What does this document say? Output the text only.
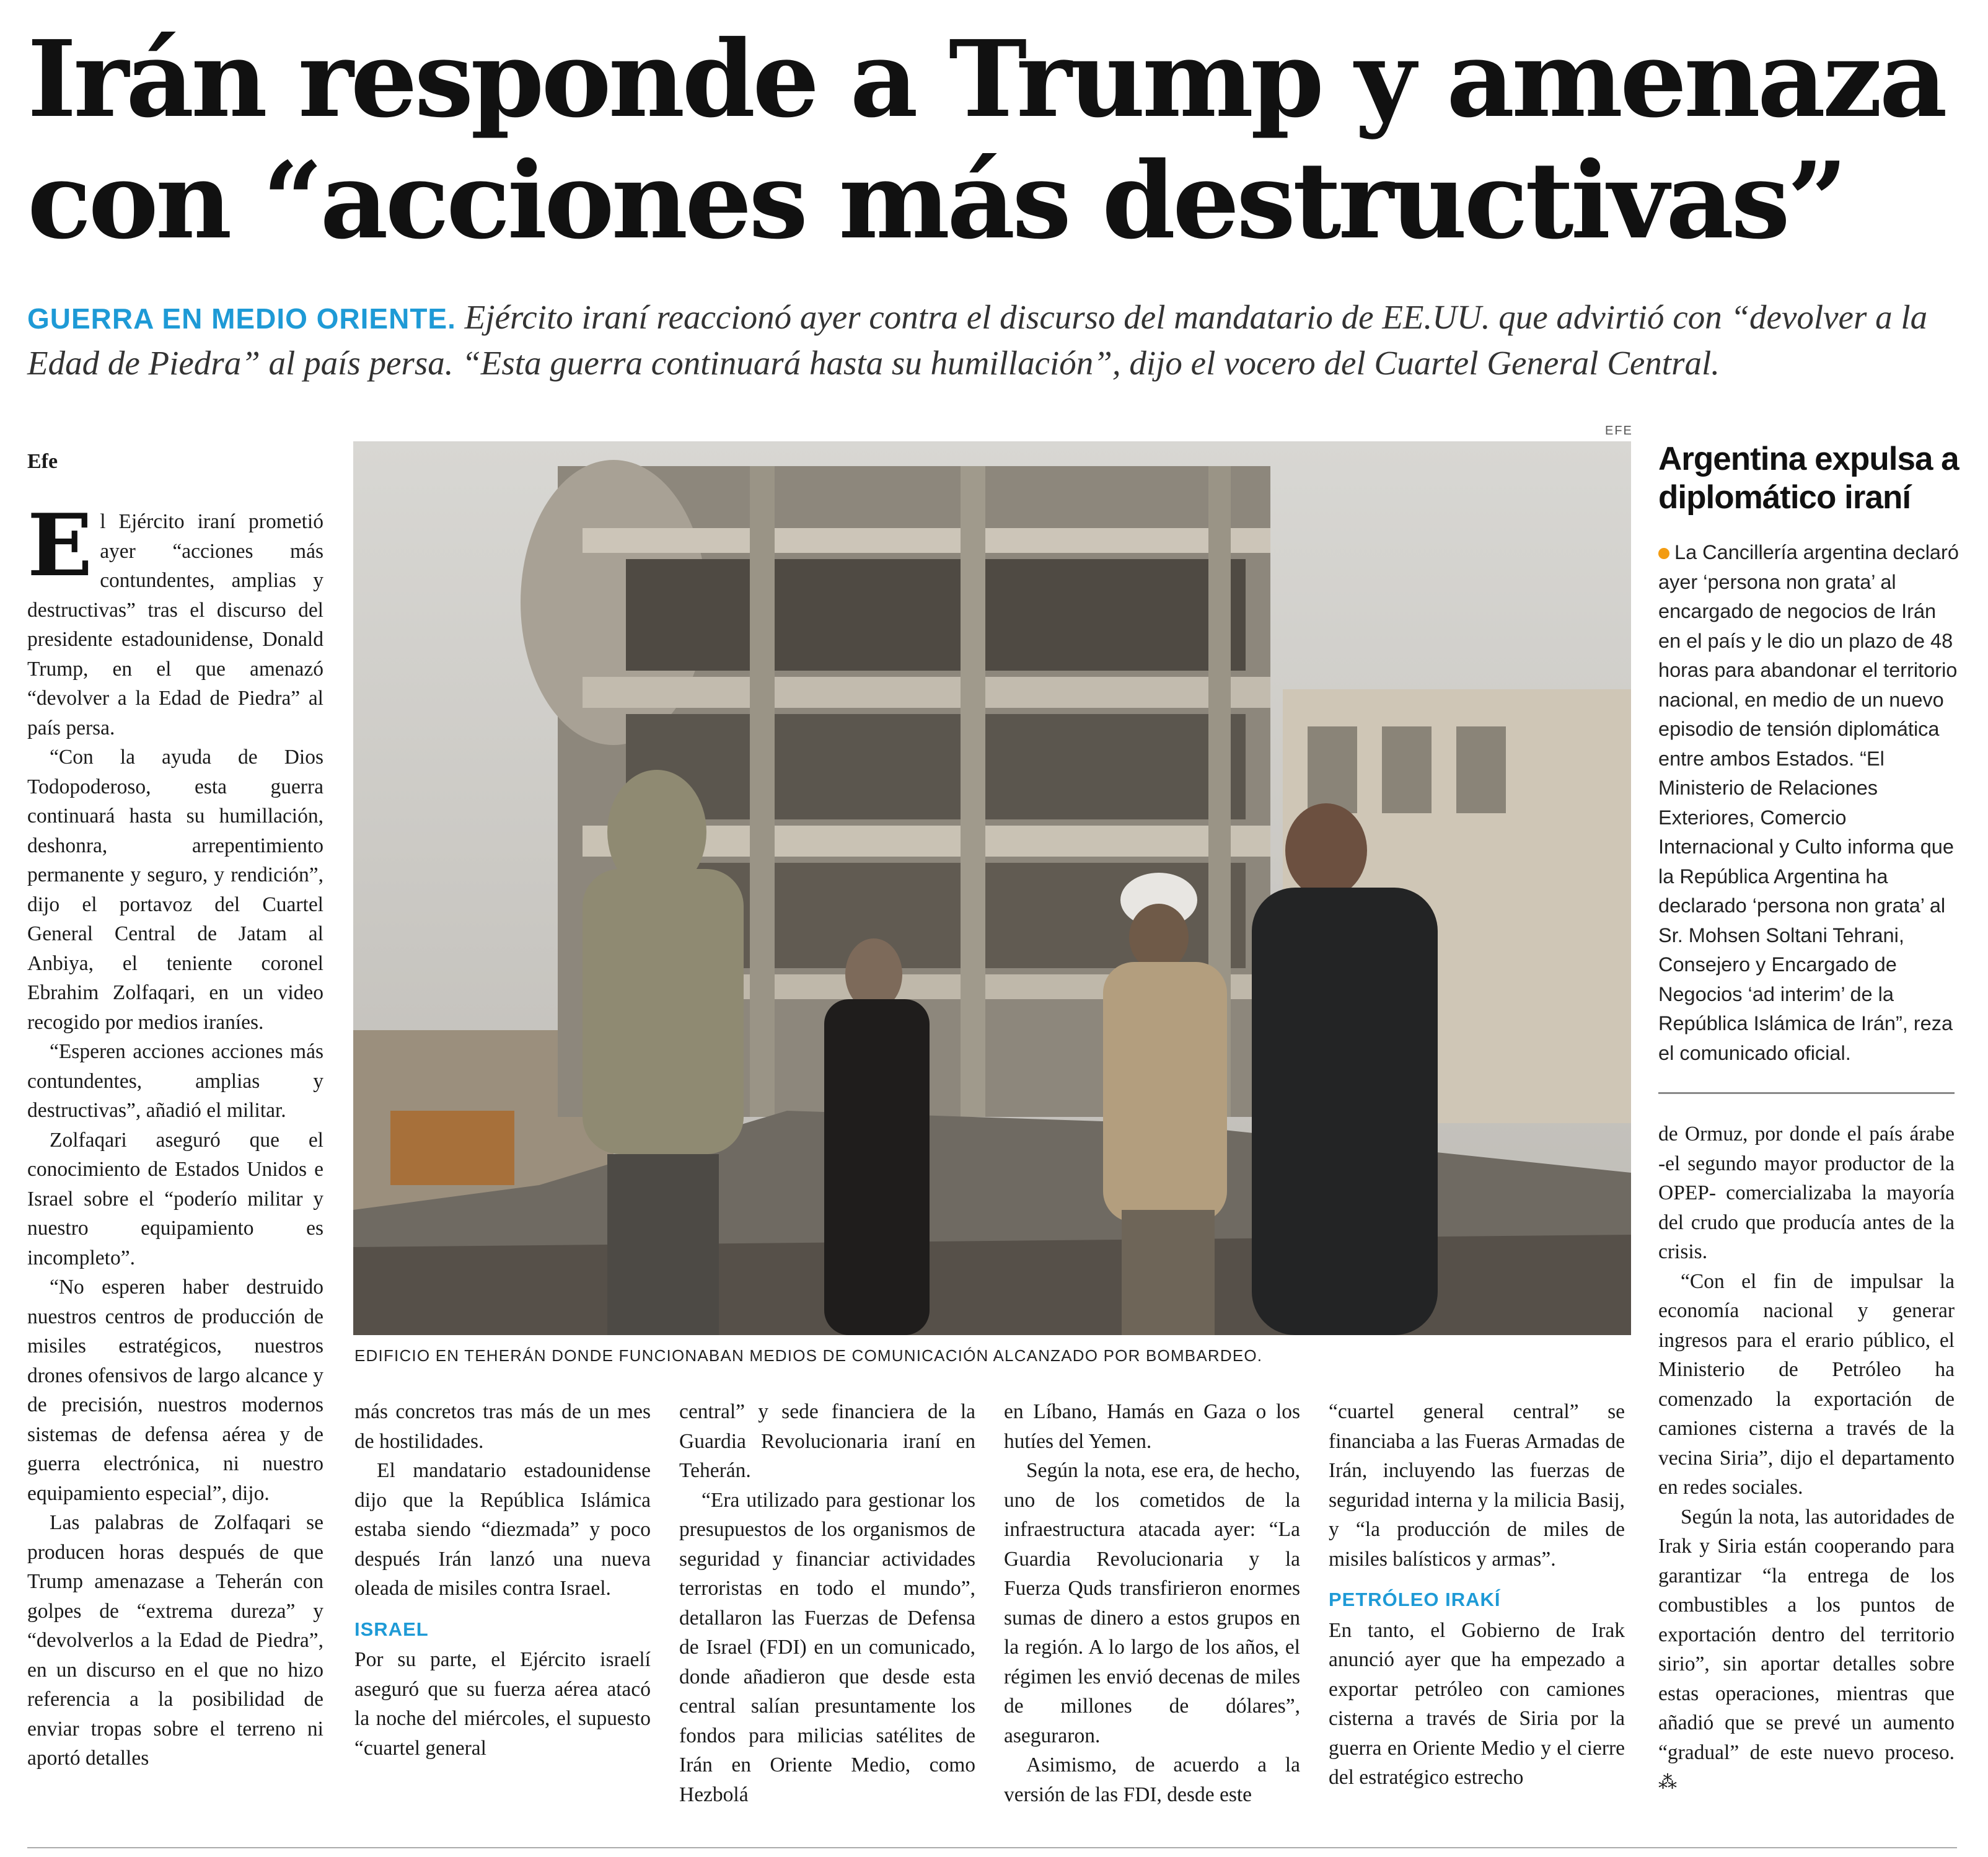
Irán responde a Trump y amenaza con “acciones más destructivas”

GUERRA EN MEDIO ORIENTE. Ejército iraní reaccionó ayer contra el discurso del mandatario de EE.UU. que advirtió con “devolver a la Edad de Piedra” al país persa. “Esta guerra continuará hasta su humillación”, dijo el vocero del Cuartel General Central.

Efe

El Ejército iraní prometió ayer “acciones más contundentes, amplias y destructivas” tras el discurso del presidente estadounidense, Donald Trump, en el que amenazó “devolver a la Edad de Piedra” al país persa.

“Con la ayuda de Dios Todopoderoso, esta guerra continuará hasta su humillación, deshonra, arrepentimiento permanente y seguro, y rendición”, dijo el portavoz del Cuartel General Central de Jatam al Anbiya, el teniente coronel Ebrahim Zolfaqari, en un video recogido por medios iraníes.

“Esperen acciones acciones más contundentes, amplias y destructivas”, añadió el militar.

Zolfaqari aseguró que el conocimiento de Estados Unidos e Israel sobre el “poderío militar y nuestro equipamiento es incompleto”.

“No esperen haber destruido nuestros centros de producción de misiles estratégicos, nuestros drones ofensivos de largo alcance y de precisión, nuestros modernos sistemas de defensa aérea y de guerra electrónica, ni nuestro equipamiento especial”, dijo.

Las palabras de Zolfaqari se producen horas después de que Trump amenazase a Teherán con golpes de “extrema dureza” y “devolverlos a la Edad de Piedra”, en un discurso en el que no hizo referencia a la posibilidad de enviar tropas sobre el terreno ni aportó detalles

EFE
EDIFICIO EN TEHERÁN DONDE FUNCIONABAN MEDIOS DE COMUNICACIÓN ALCANZADO POR BOMBARDEO.
Argentina expulsa a diplomático iraní
La Cancillería argentina declaró ayer ‘persona non grata’ al encargado de negocios de Irán en el país y le dio un plazo de 48 horas para abandonar el territorio nacional, en medio de un nuevo episodio de tensión diplomática entre ambos Estados. “El Ministerio de Relaciones Exteriores, Comercio Internacional y Culto informa que la República Argentina ha declarado ‘persona non grata’ al Sr. Mohsen Soltani Tehrani, Consejero y Encargado de Negocios ‘ad interim’ de la República Islámica de Irán”, reza el comunicado oficial.

más concretos tras más de un mes de hostilidades.

El mandatario estadounidense dijo que la República Islámica estaba siendo “diezmada” y poco después Irán lanzó una nueva oleada de misiles contra Israel.

ISRAEL

Por su parte, el Ejército israelí aseguró que su fuerza aérea atacó la noche del miércoles, el supuesto “cuartel general

central” y sede financiera de la Guardia Revolucionaria iraní en Teherán.

“Era utilizado para gestionar los presupuestos de los organismos de seguridad y financiar actividades terroristas en todo el mundo”, detallaron las Fuerzas de Defensa de Israel (FDI) en un comunicado, donde añadieron que desde esta central salían presuntamente los fondos para milicias satélites de Irán en Oriente Medio, como Hezbolá

en Líbano, Hamás en Gaza o los hutíes del Yemen.

Según la nota, ese era, de hecho, uno de los cometidos de la infraestructura atacada ayer: “La Guardia Revolucionaria y la Fuerza Quds transfirieron enormes sumas de dinero a estos grupos en la región. A lo largo de los años, el régimen les envió decenas de miles de millones de dólares”, aseguraron.

Asimismo, de acuerdo a la versión de las FDI, desde este

“cuartel general central” se financiaba a las Fueras Armadas de Irán, incluyendo las fuerzas de seguridad interna y la milicia Basij, y “la producción de miles de misiles balísticos y armas”.

PETRÓLEO IRAKÍ

En tanto, el Gobierno de Irak anunció ayer que ha empezado a exportar petróleo con camiones cisterna a través de Siria por la guerra en Oriente Medio y el cierre del estratégico estrecho

de Ormuz, por donde el país árabe -el segundo mayor productor de la OPEP- comercializaba la mayoría del crudo que producía antes de la crisis.

“Con el fin de impulsar la economía nacional y generar ingresos para el erario público, el Ministerio de Petróleo ha comenzado la exportación de camiones cisterna a través de la vecina Siria”, dijo el departamento en redes sociales.

Según la nota, las autoridades de Irak y Siria están cooperando para garantizar “la entrega de los combustibles a los puntos de exportación dentro del territorio sirio”, sin aportar detalles sobre estas operaciones, mientras que añadió que se prevé un aumento “gradual” de este nuevo proceso. ⁂
